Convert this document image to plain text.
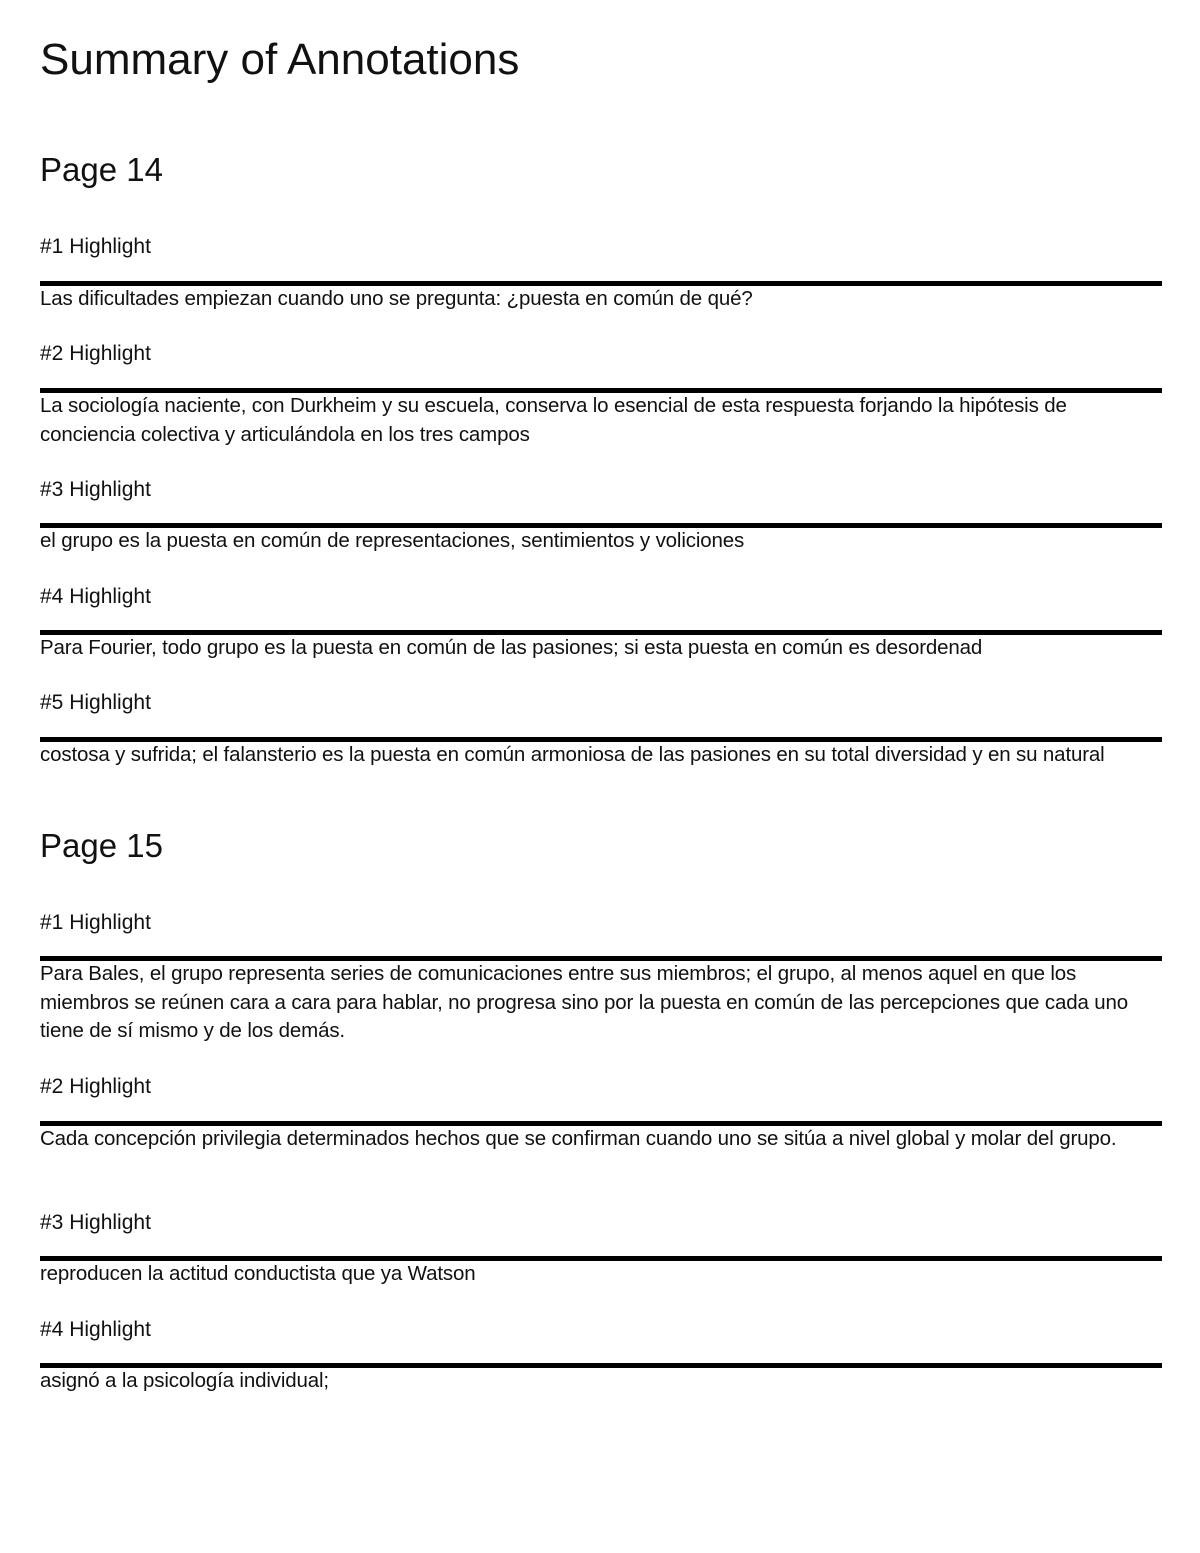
Summary of Annotations
Page 14
#1 Highlight
Las dificultades empiezan cuando uno se pregunta: ¿puesta en común de qué?
#2 Highlight
La sociología naciente, con Durkheim y su escuela, conserva lo esencial de esta respuesta forjando la hipótesis de conciencia colectiva y articulándola en los tres campos
#3 Highlight
el grupo es la puesta en común de representaciones, sentimientos y voliciones
#4 Highlight
Para Fourier, todo grupo es la puesta en común de las pasiones; si esta puesta en común es desordenad
#5 Highlight
costosa y sufrida; el falansterio es la puesta en común armoniosa de las pasiones en su total diversidad y en su natural
Page 15
#1 Highlight
Para Bales, el grupo representa series de comunicaciones entre sus miembros; el grupo, al menos aquel en que los miembros se reúnen cara a cara para hablar, no progresa sino por la puesta en común de las percepciones que cada uno tiene de sí mismo y de los demás.
#2 Highlight
Cada concepción privilegia determinados hechos que se confirman cuando uno se sitúa a nivel global y molar del grupo.
#3 Highlight
reproducen la actitud conductista que ya Watson
#4 Highlight
asignó a la psicología individual;
